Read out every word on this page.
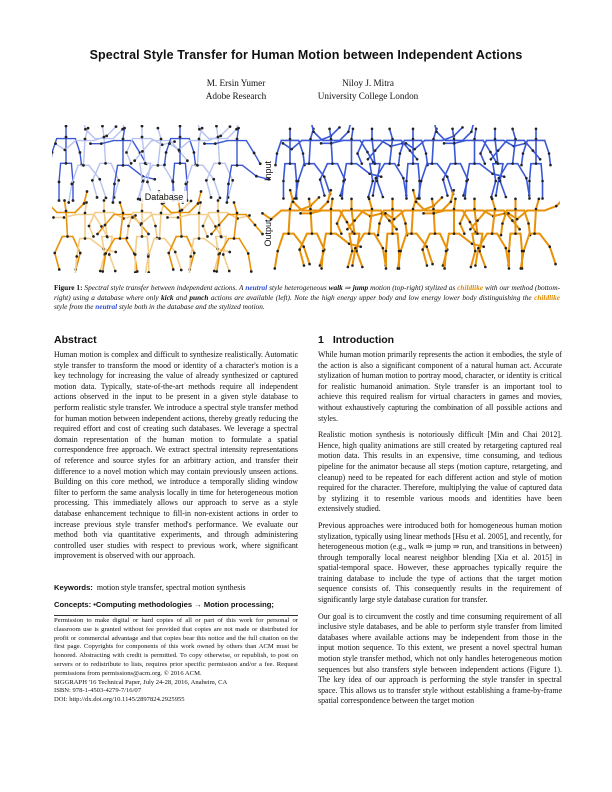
Spectral Style Transfer for Human Motion between Independent Actions
M. Ersin Yumer
Adobe Research
Niloy J. Mitra
University College London
Database
Input
Output
Figure 1: Spectral style transfer between independent actions. A neutral style heterogeneous walk ⇒ jump motion (top-right) stylized as childlike with our method (bottom-right) using a database where only kick and punch actions are available (left). Note the high energy upper body and low energy lower body distinguishing the childlike style from the neutral style both in the database and the stylized motion.
Abstract	1 Introduction

Human motion is complex and difficult to synthesize realistically. Automatic style transfer to transform the mood or identity of a character's motion is a key technology for increasing the value of already synthesized or captured motion data. Typically, state-of-the-art methods require all independent actions observed in the input to be present in a given style database to perform realistic style transfer. We introduce a spectral style transfer method for human motion between independent actions, thereby greatly reducing the required effort and cost of creating such databases. We leverage a spectral domain representation of the human motion to formulate a spatial correspondence free approach. We extract spectral intensity representations of reference and source styles for an arbitrary action, and transfer their difference to a novel motion which may contain previously unseen actions. Building on this core method, we introduce a temporally sliding window filter to perform the same analysis locally in time for heterogeneous motion processing. This immediately allows our approach to serve as a style database enhancement technique to fill-in non-existent actions in order to increase previous style transfer method's performance. We evaluate our method both via quantitative experiments, and through administering controlled user studies with respect to previous work, where significant improvement is observed with our approach.

Keywords: motion style transfer, spectral motion synthesis
Concepts: •Computing methodologies → Motion processing;
Permission to make digital or hard copies of all or part of this work for personal or classroom use is granted without fee provided that copies are not made or distributed for profit or commercial advantage and that copies bear this notice and the full citation on the first page. Copyrights for components of this work owned by others than ACM must be honored. Abstracting with credit is permitted. To copy otherwise, or republish, to post on servers or to redistribute to lists, requires prior specific permission and/or a fee. Request permissions from permissions@acm.org. © 2016 ACM.
SIGGRAPH '16 Technical Paper, July 24-28, 2016, Anaheim, CA
ISBN: 978-1-4503-4279-7/16/07
DOI: http://dx.doi.org/10.1145/2897824.2925955

While human motion primarily represents the action it embodies, the style of the action is also a significant component of a natural human act. Accurate stylization of human motion to portray mood, character, or identity is critical for realistic humanoid animation. Style transfer is an important tool to achieve this required realism for virtual characters in games and movies, without exhaustively capturing the combination of all possible actions and styles.

Realistic motion synthesis is notoriously difficult [Min and Chai 2012]. Hence, high quality animations are still created by retargeting captured real motion data. This results in an expensive, time consuming, and tedious pipeline for the animator because all steps (motion capture, retargeting, and cleanup) need to be repeated for each different action and style of motion required for the character. Therefore, multiplying the value of captured data by stylizing it to resemble various moods and identities have been extensively studied.

Previous approaches were introduced both for homogeneous human motion stylization, typically using linear methods [Hsu et al. 2005], and recently, for heterogeneous motion (e.g., walk ⇒ jump ⇒ run, and transitions in between) through temporally local nearest neighbor blending [Xia et al. 2015] in spatial-temporal space. However, these approaches typically require the training database to include the type of actions that the target motion sequence consists of. This consequently results in the requirement of significantly large style database curation for transfer.

Our goal is to circumvent the costly and time consuming requirement of all inclusive style databases, and be able to perform style transfer from limited databases where available actions may be independent from those in the input motion sequence. To this extent, we present a novel spectral human motion style transfer method, which not only handles heterogeneous motion sequences but also transfers style between independent actions (Figure 1). The key idea of our approach is performing the style transfer in spectral space. This allows us to transfer style without establishing a frame-by-frame spatial correspondence between the target motion
